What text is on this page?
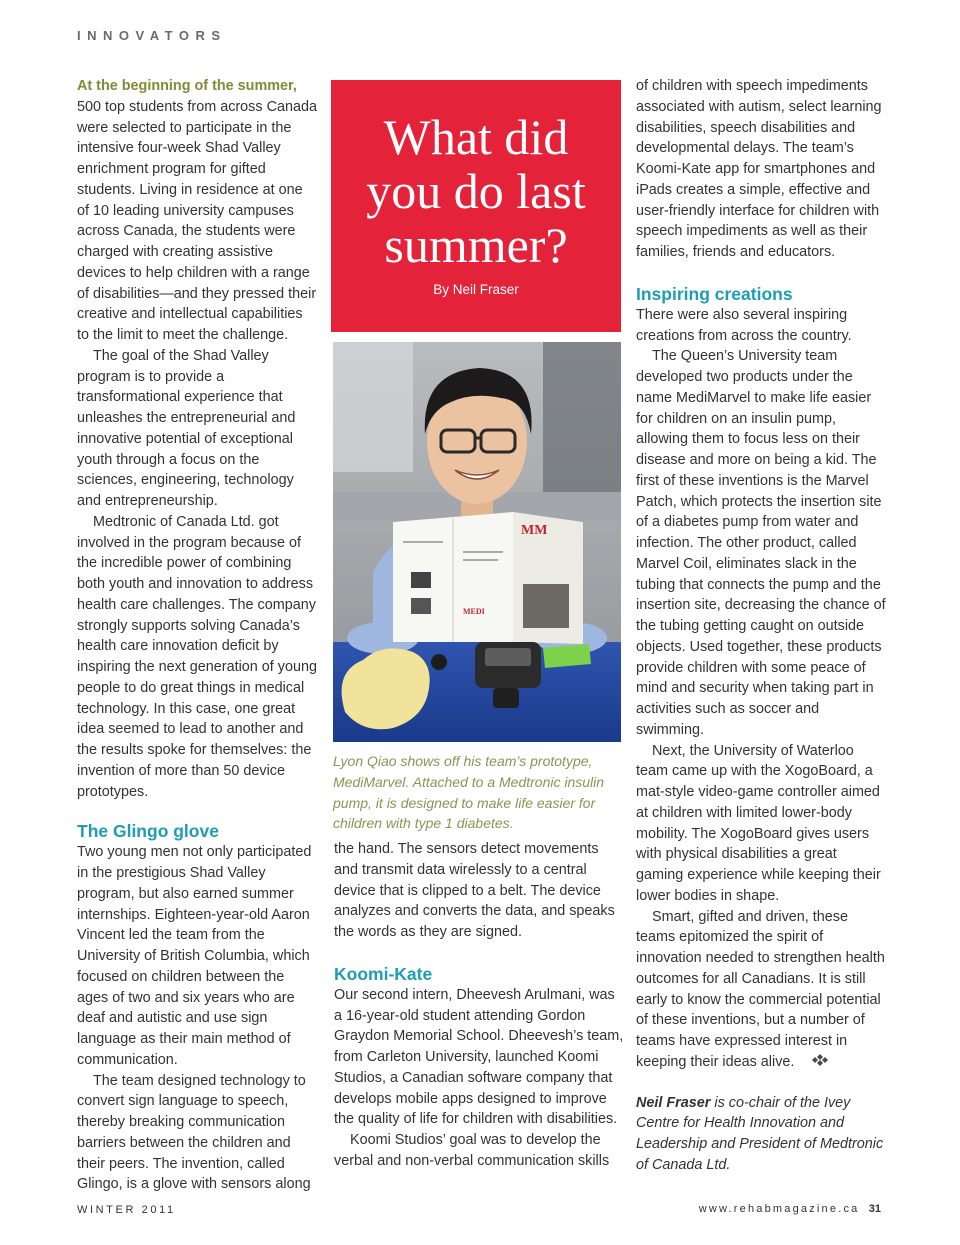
INNOVATORS

At the beginning of the summer, 500 top students from across Canada were selected to participate in the intensive four-week Shad Valley enrichment program for gifted students. Living in residence at one of 10 leading university campuses across Canada, the students were charged with creating assistive devices to help children with a range of disabilities—and they pressed their creative and intellectual capabilities to the limit to meet the challenge.

The goal of the Shad Valley program is to provide a transformational experience that unleashes the entrepreneurial and innovative potential of exceptional youth through a focus on the sciences, engineering, technology and entrepreneurship.

Medtronic of Canada Ltd. got involved in the program because of the incredible power of combining both youth and innovation to address health care challenges. The company strongly supports solving Canada’s health care innovation deficit by inspiring the next generation of young people to do great things in medical technology. In this case, one great idea seemed to lead to another and the results spoke for themselves: the invention of more than 50 device prototypes.

The Glingo glove

Two young men not only participated in the prestigious Shad Valley program, but also earned summer internships. Eighteen-year-old Aaron Vincent led the team from the University of British Columbia, which focused on children between the ages of two and six years who are deaf and autistic and use sign language as their main method of communication.

The team designed technology to convert sign language to speech, thereby breaking communication barriers between the children and their peers. The invention, called Glingo, is a glove with sensors along

What did
you do last
summer?
By Neil Fraser
MM
MEDI
Lyon Qiao shows off his team’s prototype, MediMarvel. Attached to a Medtronic insulin pump, it is designed to make life easier for children with type 1 diabetes.

the hand. The sensors detect movements and transmit data wirelessly to a central device that is clipped to a belt. The device analyzes and converts the data, and speaks the words as they are signed.

Koomi-Kate

Our second intern, Dheevesh Arulmani, was a 16-year-old student attending Gordon Graydon Memorial School. Dheevesh’s team, from Carleton University, launched Koomi Studios, a Canadian software company that develops mobile apps designed to improve the quality of life for children with disabilities.

Koomi Studios’ goal was to develop the verbal and non-verbal communication skills

of children with speech impediments associated with autism, select learning disabilities, speech disabilities and developmental delays. The team’s Koomi-Kate app for smartphones and iPads creates a simple, effective and user-friendly interface for children with speech impediments as well as their families, friends and educators.

Inspiring creations

There were also several inspiring creations from across the country.

The Queen’s University team developed two products under the name MediMarvel to make life easier for children on an insulin pump, allowing them to focus less on their disease and more on being a kid. The first of these inventions is the Marvel Patch, which protects the insertion site of a diabetes pump from water and infection. The other product, called Marvel Coil, eliminates slack in the tubing that connects the pump and the insertion site, decreasing the chance of the tubing getting caught on outside objects. Used together, these products provide children with some peace of mind and security when taking part in activities such as soccer and swimming.

Next, the University of Waterloo team came up with the XogoBoard, a mat-style video-game controller aimed at children with limited lower-body mobility. The XogoBoard gives users with physical disabilities a great gaming experience while keeping their lower bodies in shape.

Smart, gifted and driven, these teams epitomized the spirit of innovation needed to strengthen health outcomes for all Canadians. It is still early to know the commercial potential of these inventions, but a number of teams have expressed interest in keeping their ideas alive.

Neil Fraser is co-chair of the Ivey Centre for Health Innovation and Leadership and President of Medtronic of Canada Ltd.

WINTER 2011	www.rehabmagazine.ca 31
